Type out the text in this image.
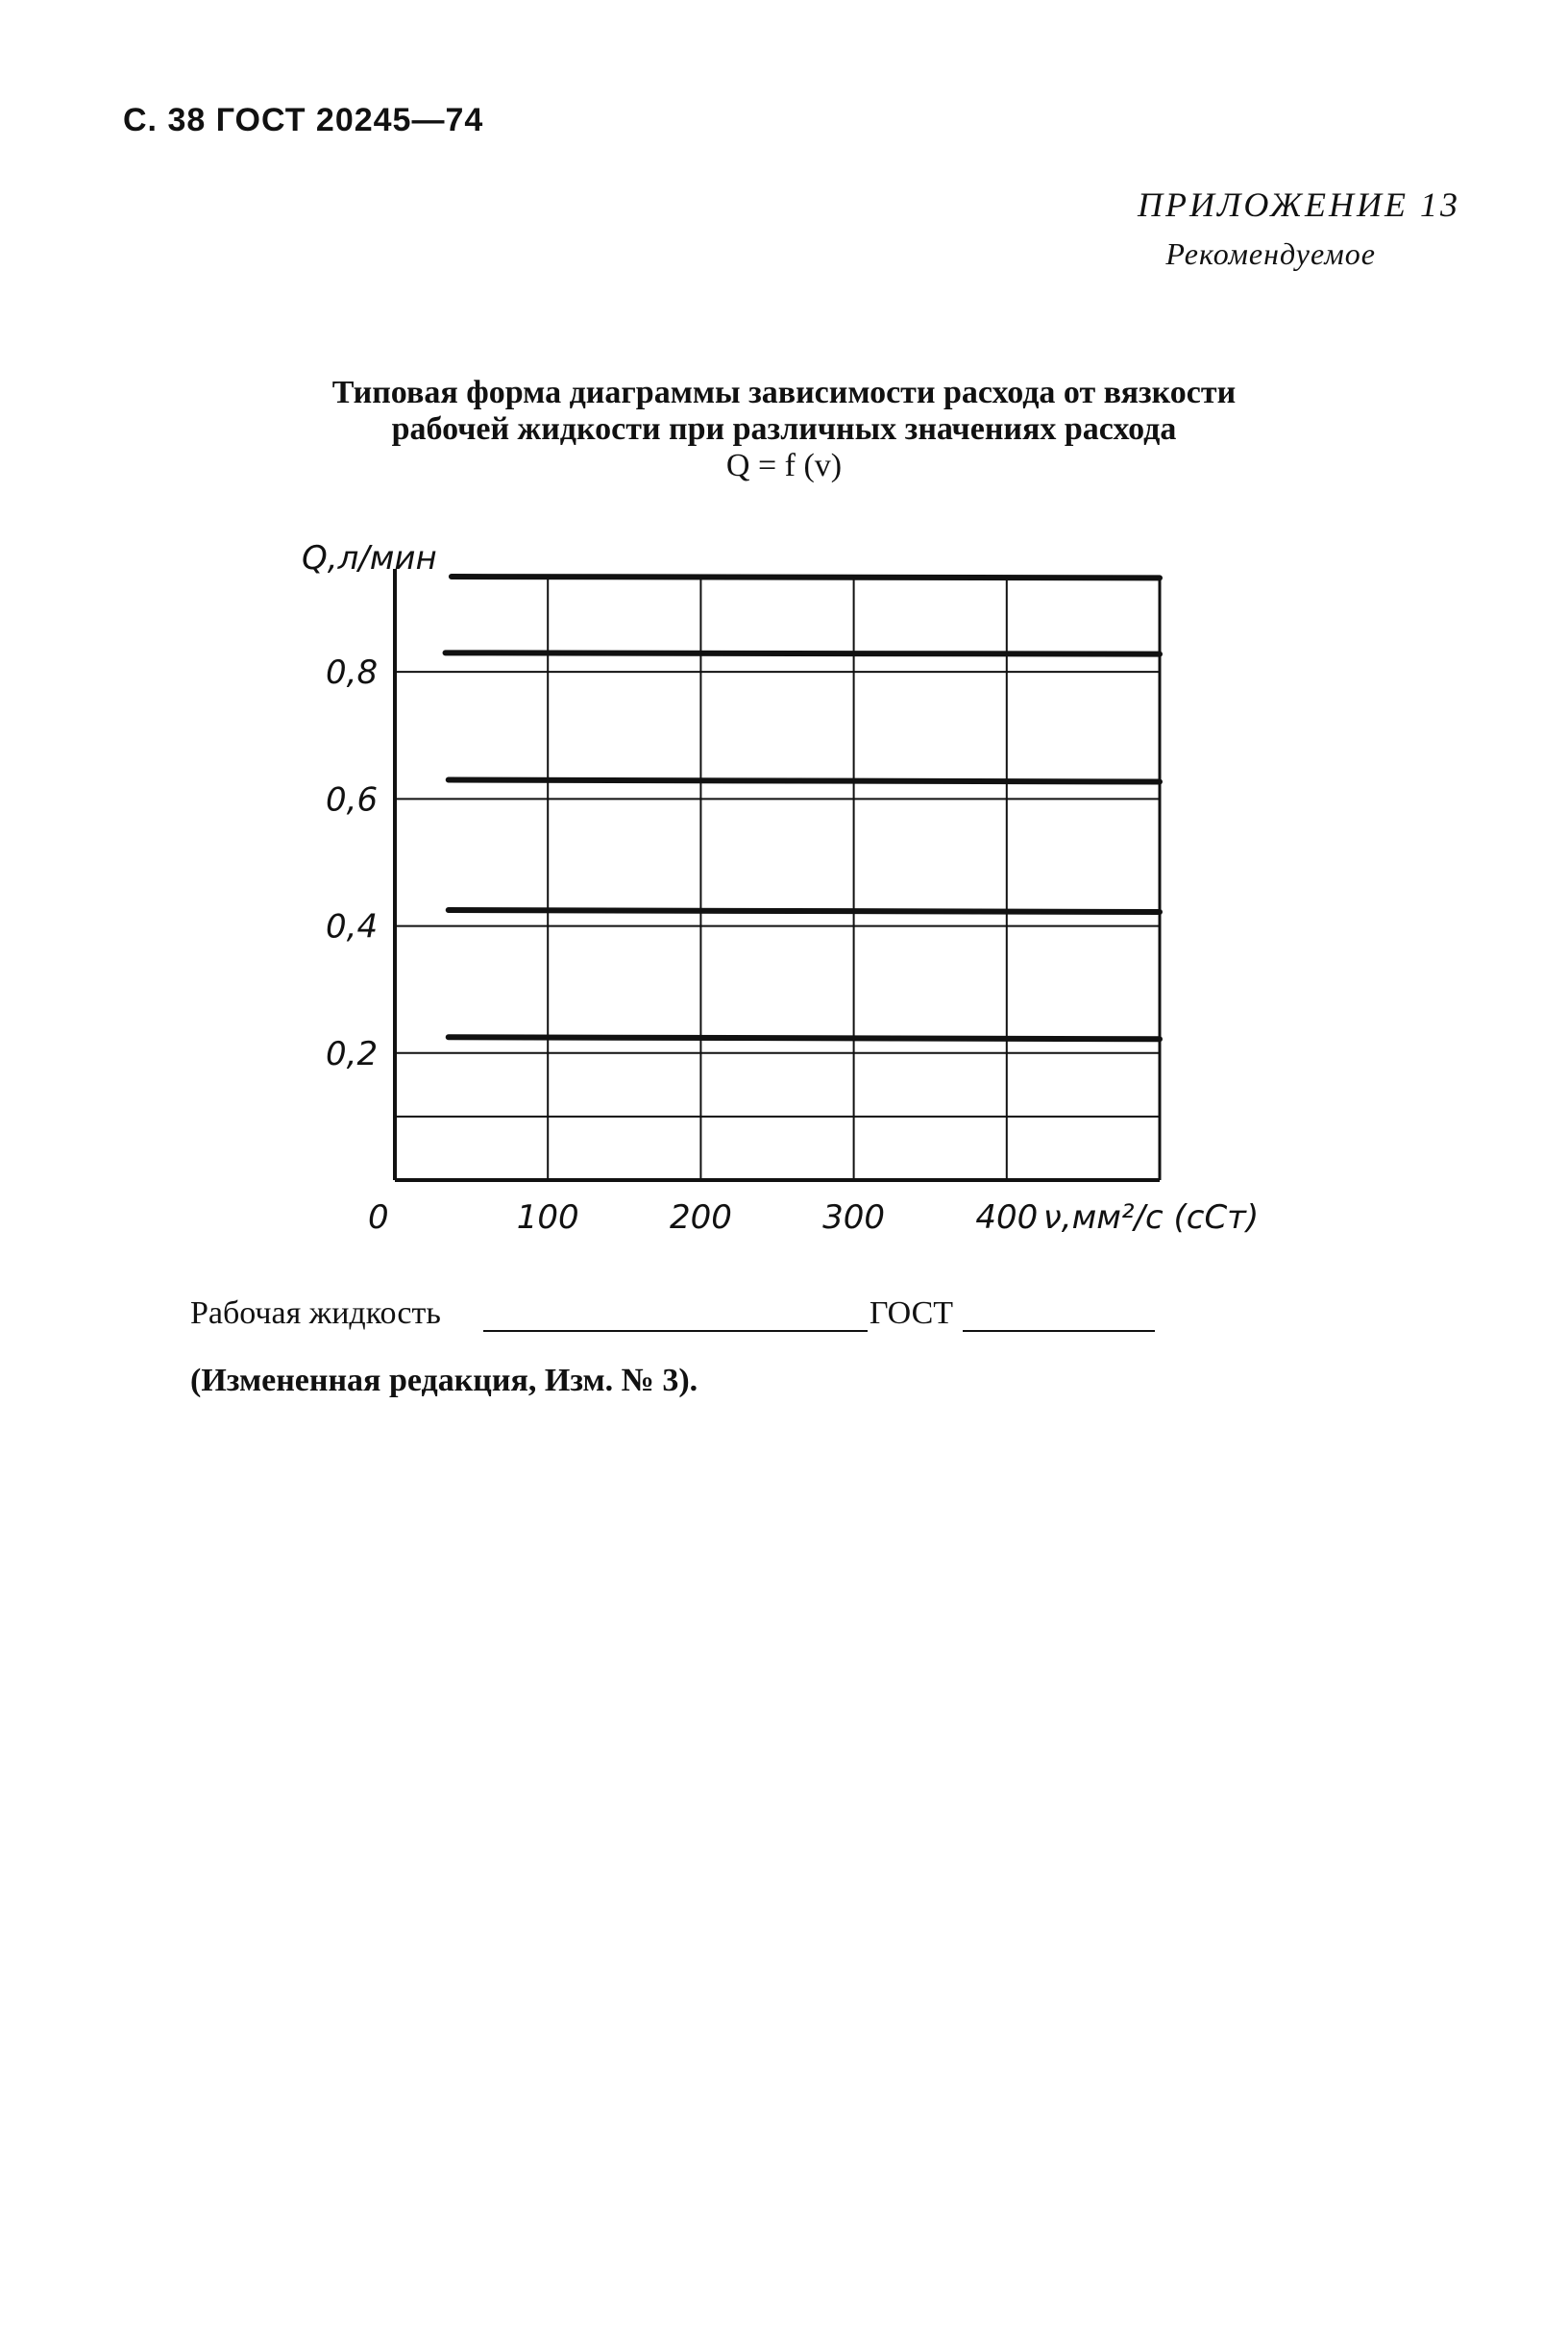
С. 38 ГОСТ 20245—74
ПРИЛОЖЕНИЕ 13
Рекомендуемое
Типовая форма диаграммы зависимости расхода от вязкости
рабочей жидкости при различных значениях расхода
Q = f (v)
Q,л/мин
ν,мм²/с (сСт)
0,2
0,4
0,6
0,8
0	100	200	300	400
Рабочая жидкость	ГОСТ
(Измененная редакция, Изм. № 3).
